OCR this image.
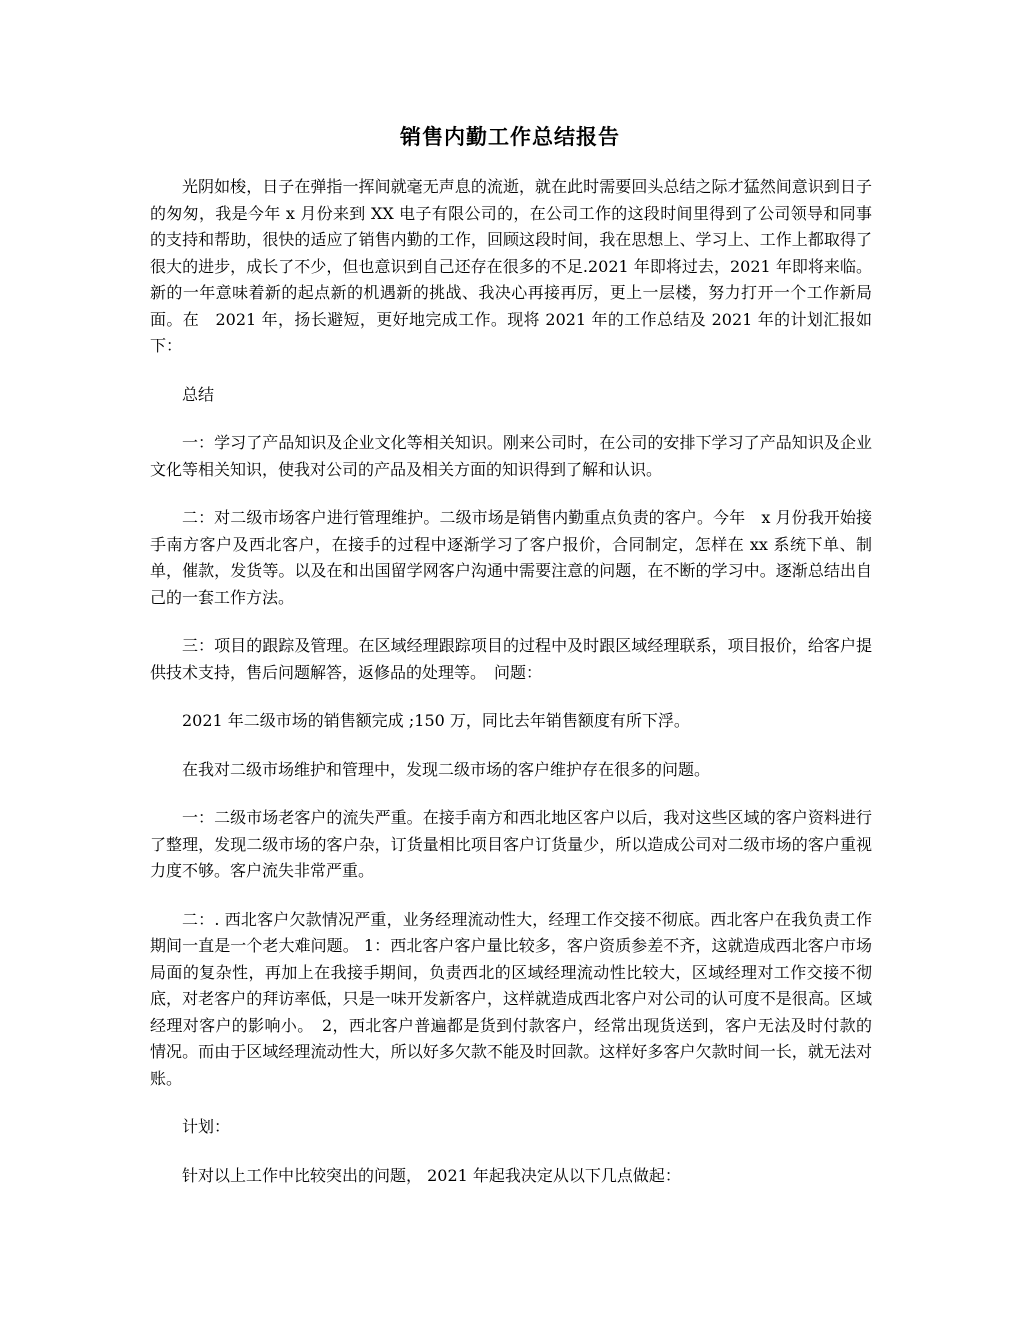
销售内勤工作总结报告

光阴如梭，日子在弹指一挥间就毫无声息的流逝，就在此时需要回头总结之际才猛然间意识到日子的匆匆，我是今年 x 月份来到 XX 电子有限公司的，在公司工作的这段时间里得到了公司领导和同事的支持和帮助，很快的适应了销售内勤的工作，回顾这段时间，我在思想上、学习上、工作上都取得了很大的进步，成长了不少，但也意识到自己还存在很多的不足.2021 年即将过去，2021 年即将来临。新的一年意味着新的起点新的机遇新的挑战、我决心再接再厉，更上一层楼，努力打开一个工作新局面。在　2021 年，扬长避短，更好地完成工作。现将 2021 年的工作总结及 2021 年的计划汇报如下：

总结

一：学习了产品知识及企业文化等相关知识。刚来公司时，在公司的安排下学习了产品知识及企业文化等相关知识，使我对公司的产品及相关方面的知识得到了解和认识。

二：对二级市场客户进行管理维护。二级市场是销售内勤重点负责的客户。今年　x 月份我开始接手南方客户及西北客户，在接手的过程中逐渐学习了客户报价，合同制定，怎样在 xx 系统下单、制单，催款，发货等。以及在和出国留学网客户沟通中需要注意的问题，在不断的学习中。逐渐总结出自己的一套工作方法。

三：项目的跟踪及管理。在区域经理跟踪项目的过程中及时跟区域经理联系，项目报价，给客户提供技术支持，售后问题解答，返修品的处理等。　问题：

2021 年二级市场的销售额完成 ;150 万，同比去年销售额度有所下浮。

在我对二级市场维护和管理中，发现二级市场的客户维护存在很多的问题。

一：二级市场老客户的流失严重。在接手南方和西北地区客户以后，我对这些区域的客户资料进行了整理，发现二级市场的客户杂，订货量相比项目客户订货量少，所以造成公司对二级市场的客户重视力度不够。客户流失非常严重。

二：. 西北客户欠款情况严重，业务经理流动性大，经理工作交接不彻底。西北客户在我负责工作期间一直是一个老大难问题。 1：西北客户客户量比较多，客户资质参差不齐，这就造成西北客户市场局面的复杂性，再加上在我接手期间，负责西北的区域经理流动性比较大，区域经理对工作交接不彻底，对老客户的拜访率低，只是一味开发新客户，这样就造成西北客户对公司的认可度不是很高。区域经理对客户的影响小。　2，西北客户普遍都是货到付款客户，经常出现货送到，客户无法及时付款的情况。而由于区域经理流动性大，所以好多欠款不能及时回款。这样好多客户欠款时间一长，就无法对账。

计划：

针对以上工作中比较突出的问题， 2021 年起我决定从以下几点做起：
